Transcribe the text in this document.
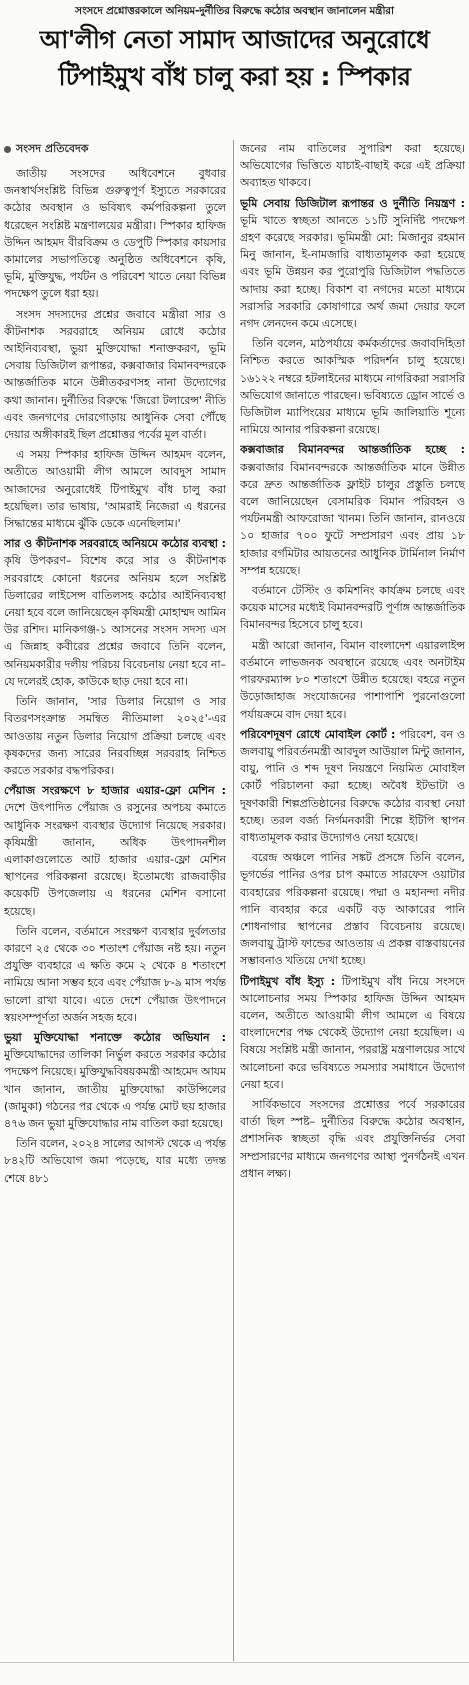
সংসদে প্রশ্নোত্তরকালে অনিয়ম-দুর্নীতির বিরুদ্ধে কঠোর অবস্থান জানালেন মন্ত্রীরা
আ'লীগ নেতা সামাদ আজাদের অনুরোধে
টিপাইমুখ বাঁধ চালু করা হয় : স্পিকার
সংসদ প্রতিবেদক

জাতীয় সংসদের অধিবেশনে বুধবার জনস্বার্থসংশ্লিষ্ট বিভিন্ন গুরুত্বপূর্ণ ইস্যুতে সরকারের কঠোর অবস্থান ও ভবিষ্যৎ কর্মপরিকল্পনা তুলে ধরেছেন সংশ্লিষ্ট মন্ত্রণালয়ের মন্ত্রীরা। স্পিকার হাফিজ উদ্দিন আহমদ বীরবিক্রম ও ডেপুটি স্পিকার কায়সার কামালের সভাপতিত্বে অনুষ্ঠিত অধিবেশনে কৃষি, ভূমি, মুক্তিযুদ্ধ, পর্যটন ও পরিবেশ খাতে নেয়া বিভিন্ন পদক্ষেপ তুলে ধরা হয়।

সংসদ সদস্যদের প্রশ্নের জবাবে মন্ত্রীরা সার ও কীটনাশক সরবরাহে অনিয়ম রোধে কঠোর আইনিব্যবস্থা, ভুয়া মুক্তিযোদ্ধা শনাক্তকরণ, ভূমি সেবায় ডিজিটাল রূপান্তর, কক্সবাজার বিমানবন্দরকে আন্তর্জাতিক মানে উন্নীতকরণসহ নানা উদ্যোগের কথা জানান। দুর্নীতির বিরুদ্ধে 'জিরো টলারেন্স' নীতি এবং জনগণের দোরগোড়ায় আধুনিক সেবা পৌঁছে দেয়ার অঙ্গীকারই ছিল প্রশ্নোত্তর পর্বের মূল বার্তা।

এ সময় স্পিকার হাফিজ উদ্দিন আহমদ বলেন, অতীতে আওয়ামী লীগ আমলে আবদুস সামাদ আজাদের অনুরোধেই টিপাইমুখ বাঁধ চালু করা হয়েছিল। তার ভাষায়, 'আমরাই নিজেরা এ ধরনের সিদ্ধান্তের মাধ্যমে ঝুঁকি ডেকে এনেছিলাম।'

সার ও কীটনাশক সরবরাহে অনিয়মে কঠোর ব্যবস্থা : কৃষি উপকরণ– বিশেষ করে সার ও কীটনাশক সরবরাহে কোনো ধরনের অনিয়ম হলে সংশ্লিষ্ট ডিলারের লাইসেন্স বাতিলসহ কঠোর আইনিব্যবস্থা নেয়া হবে বলে জানিয়েছেন কৃষিমন্ত্রী মোহাম্মদ আমিন উর রশিদ। মানিকগঞ্জ-১ আসনের সংসদ সদস্য এস এ জিন্নাহ কবীরের প্রশ্নের জবাবে তিনি বলেন, অনিয়মকারীর দলীয় পরিচয় বিবেচনায় নেয়া হবে না– যে দলেরই হোক, কাউকে ছাড় দেয়া হবে না।

তিনি জানান, 'সার ডিলার নিয়োগ ও সার বিতরণসংক্রান্ত সমন্বিত নীতিমালা ২০২৫'-এর আওতায় নতুন ডিলার নিয়োগ প্রক্রিয়া চলছে এবং কৃষকদের জন্য সারের নিরবচ্ছিন্ন সরবরাহ নিশ্চিত করতে সরকার বদ্ধপরিকর।

পেঁয়াজ সংরক্ষণে ৮ হাজার এয়ার-ফ্লো মেশিন : দেশে উৎপাদিত পেঁয়াজ ও রসুনের অপচয় কমাতে আধুনিক সংরক্ষণ ব্যবস্থার উদ্যোগ নিয়েছে সরকার। কৃষিমন্ত্রী জানান, অধিক উৎপাদনশীল এলাকাগুলোতে আট হাজার এয়ার-ফ্লো মেশিন স্থাপনের পরিকল্পনা রয়েছে। ইতোমধ্যে রাজবাড়ীর কয়েকটি উপজেলায় এ ধরনের মেশিন বসানো হয়েছে।

তিনি বলেন, বর্তমানে সংরক্ষণ ব্যবস্থার দুর্বলতার কারণে ২৫ থেকে ৩০ শতাংশ পেঁয়াজ নষ্ট হয়। নতুন প্রযুক্তি ব্যবহারে এ ক্ষতি কমে ২ থেকে ৪ শতাংশে নামিয়ে আনা সম্ভব হবে এবং পেঁয়াজ ৮-৯ মাস পর্যন্ত ভালো রাখা যাবে। এতে দেশে পেঁয়াজ উৎপাদনে স্বয়ংসম্পূর্ণতা অর্জন সহজ হবে।

ভুয়া মুক্তিযোদ্ধা শনাক্তে কঠোর অভিযান : মুক্তিযোদ্ধাদের তালিকা নির্ভুল করতে সরকার কঠোর পদক্ষেপ নিয়েছে। মুক্তিযুদ্ধবিষয়কমন্ত্রী আহমেদ আযম খান জানান, জাতীয় মুক্তিযোদ্ধা কাউন্সিলের (জামুকা) গঠনের পর থেকে এ পর্যন্ত মোট ছয় হাজার ৪৭৬ জন ভুয়া মুক্তিযোদ্ধার নাম বাতিল করা হয়েছে।

তিনি বলেন, ২০২৪ সালের আগস্ট থেকে এ পর্যন্ত ৮৪২টি অভিযোগ জমা পড়েছে, যার মধ্যে তদন্ত শেষে ৪৮১

জনের নাম বাতিলের সুপারিশ করা হয়েছে। অভিযোগের ভিত্তিতে যাচাই-বাছাই করে এই প্রক্রিয়া অব্যাহত থাকবে।

ভূমি সেবায় ডিজিটাল রূপান্তর ও দুর্নীতি নিয়ন্ত্রণ : ভূমি খাতে স্বচ্ছতা আনতে ১১টি সুনির্দিষ্ট পদক্ষেপ গ্রহণ করেছে সরকার। ভূমিমন্ত্রী মো: মিজানুর রহমান মিনু জানান, ই-নামজারি বাধ্যতামূলক করা হয়েছে এবং ভূমি উন্নয়ন কর পুরোপুরি ডিজিটাল পদ্ধতিতে আদায় করা হচ্ছে। বিকাশ বা নগদের মতো মাধ্যমে সরাসরি সরকারি কোষাগারে অর্থ জমা দেয়ার ফলে নগদ লেনদেন কমে এসেছে।

তিনি বলেন, মাঠপর্যায়ে কর্মকর্তাদের জবাবদিহিতা নিশ্চিত করতে আকস্মিক পরিদর্শন চালু হয়েছে। ১৬১২২ নম্বরে হটলাইনের মাধ্যমে নাগরিকরা সরাসরি অভিযোগ জানাতে পারছেন। ভবিষ্যতে ড্রোন সার্ভে ও ডিজিটাল ম্যাপিংয়ের মাধ্যমে ভূমি জালিয়াতি শূন্যে নামিয়ে আনার পরিকল্পনা রয়েছে।

কক্সবাজার বিমানবন্দর আন্তর্জাতিক হচ্ছে : কক্সবাজার বিমানবন্দরকে আন্তর্জাতিক মানে উন্নীত করে দ্রুত আন্তর্জাতিক ফ্লাইট চালুর প্রস্তুতি চলছে বলে জানিয়েছেন বেসামরিক বিমান পরিবহন ও পর্যটনমন্ত্রী আফরোজা খানম। তিনি জানান, রানওয়ে ১০ হাজার ৭০০ ফুটে সম্প্রসারণ এবং প্রায় ১৮ হাজার বর্গমিটার আয়তনের আধুনিক টার্মিনাল নির্মাণ সম্পন্ন হয়েছে।

বর্তমানে টেস্টিং ও কমিশনিং কার্যক্রম চলছে এবং কয়েক মাসের মধ্যেই বিমানবন্দরটি পূর্ণাঙ্গ আন্তর্জাতিক বিমানবন্দর হিসেবে চালু হবে।

মন্ত্রী আরো জানান, বিমান বাংলাদেশ এয়ারলাইন্স বর্তমানে লাভজনক অবস্থানে রয়েছে এবং অনটাইম পারফরম্যান্স ৮০ শতাংশে উন্নীত হয়েছে। বহরে নতুন উড়োজাহাজ সংযোজনের পাশাপাশি পুরনোগুলো পর্যায়ক্রমে বাদ দেয়া হবে।

পরিবেশদূষণ রোধে মোবাইল কোর্ট : পরিবেশ, বন ও জলবায়ু পরিবর্তনমন্ত্রী আবদুল আউয়াল মিন্টু জানান, বায়ু, পানি ও শব্দ দূষণ নিয়ন্ত্রণে নিয়মিত মোবাইল কোর্ট পরিচালনা করা হচ্ছে। অবৈধ ইটভাটা ও দূষণকারী শিল্পপ্রতিষ্ঠানের বিরুদ্ধে কঠোর ব্যবস্থা নেয়া হচ্ছে। তরল বর্জ্য নির্গমনকারী শিল্পে ইটিপি স্থাপন বাধ্যতামূলক করার উদ্যোগও নেয়া হয়েছে।

বরেন্দ্র অঞ্চলে পানির সঙ্কট প্রসঙ্গে তিনি বলেন, ভূগর্ভের পানির ওপর চাপ কমাতে সারফেস ওয়াটার ব্যবহারের পরিকল্পনা রয়েছে। পদ্মা ও মহানন্দা নদীর পানি ব্যবহার করে একটি বড় আকারের পানি শোধনাগার স্থাপনের প্রস্তাব বিবেচনায় রয়েছে। জলবায়ু ট্রাস্ট ফান্ডের আওতায় এ প্রকল্প বাস্তবায়নের সম্ভাবনাও খতিয়ে দেখা হচ্ছে।

টিপাইমুখ বাঁধ ইস্যু : টিপাইমুখ বাঁধ নিয়ে সংসদে আলোচনার সময় স্পিকার হাফিজ উদ্দিন আহমদ বলেন, অতীতে আওয়ামী লীগ আমলে এ বিষয়ে বাংলাদেশের পক্ষ থেকেই উদ্যোগ নেয়া হয়েছিল। এ বিষয়ে সংশ্লিষ্ট মন্ত্রী জানান, পররাষ্ট্র মন্ত্রণালয়ের সাথে আলোচনা করে ভবিষ্যতে সমস্যার সমাধানে উদ্যোগ নেয়া হবে।

সার্বিকভাবে সংসদের প্রশ্নোত্তর পর্বে সরকারের বার্তা ছিল স্পষ্ট– দুর্নীতির বিরুদ্ধে কঠোর অবস্থান, প্রশাসনিক স্বচ্ছতা বৃদ্ধি এবং প্রযুক্তিনির্ভর সেবা সম্প্রসারণের মাধ্যমে জনগণের আস্থা পুনর্গঠনই এখন প্রধান লক্ষ্য।
